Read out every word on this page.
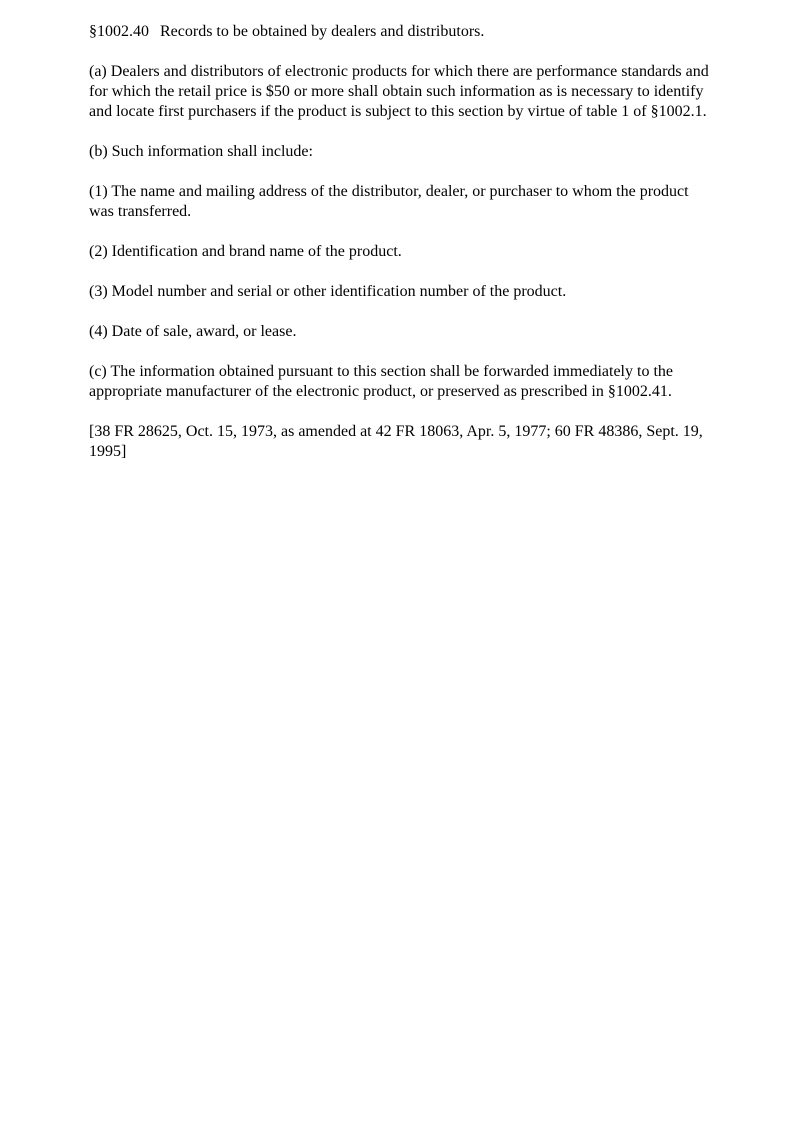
§1002.40 Records to be obtained by dealers and distributors.

(a) Dealers and distributors of electronic products for which there are performance standards and for which the retail price is $50 or more shall obtain such information as is necessary to identify and locate first purchasers if the product is subject to this section by virtue of table 1 of §1002.1.

(b) Such information shall include:

(1) The name and mailing address of the distributor, dealer, or purchaser to whom the product was transferred.

(2) Identification and brand name of the product.

(3) Model number and serial or other identification number of the product.

(4) Date of sale, award, or lease.

(c) The information obtained pursuant to this section shall be forwarded immediately to the appropriate manufacturer of the electronic product, or preserved as prescribed in §1002.41.

[38 FR 28625, Oct. 15, 1973, as amended at 42 FR 18063, Apr. 5, 1977; 60 FR 48386, Sept. 19, 1995]
